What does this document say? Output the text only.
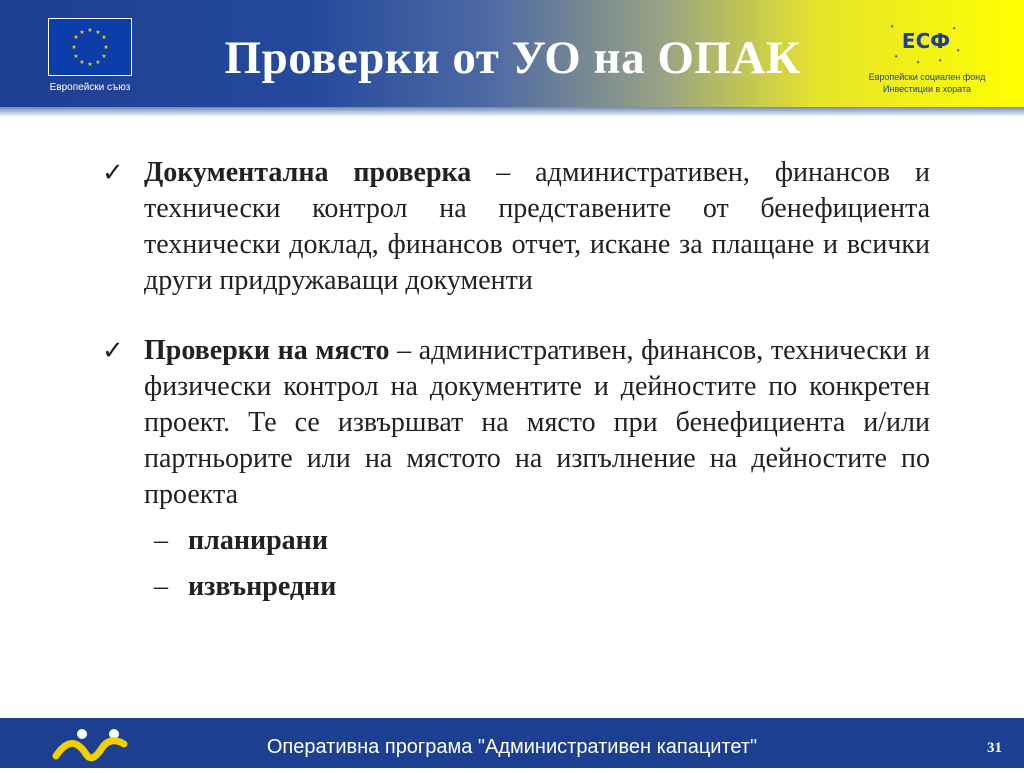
★ ★
★
★
★
★
★
★
★
★
★
★
Европейски съюз
Проверки от УО на ОПАК
✦	✦
✦
✦	✦
✦
ЕСФ
Европейски социален фонд
Инвестиции в хората
✓ Документална проверка – административен, финансов и технически контрол на представените от бенефициента технически доклад, финансов отчет, искане за плащане и всички други придружаващи документи
✓ Проверки на място – административен, финансов, технически и физически контрол на документите и дейностите по конкретен проект. Те се извършват на място при бенефициента и/или партньорите или на мястото на изпълнение на дейностите по проекта
– планирани
– извънредни
Оперативна програма "Административен капацитет"	31
